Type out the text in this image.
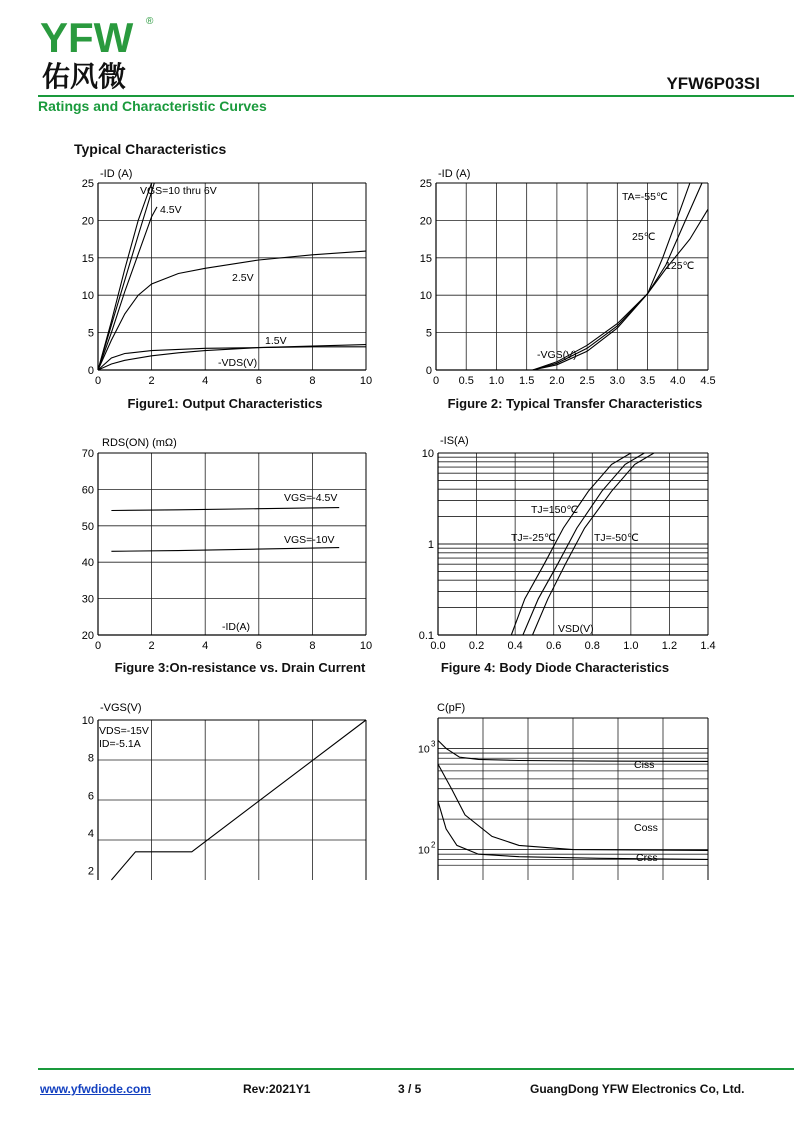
YFW ®
佑风微	YFW6P03SI
Ratings and Characteristic Curves
Typical Characteristics
0	2	4	6	8	10
0
5
10
15
20
25
-ID (A)
VGS=10 thru 6V
4.5V
2.5V
1.5V
-VDS(V)
0 0.5 1.0 1.5 2.0 2.5 3.0 3.5 4.0 4.5
0
5
10
15
20
25
-ID (A)
TA=-55℃
25℃
125℃
-VGS(V)
0	2	4	6	8	10
20
30
40
50
60
70
RDS(ON) (mΩ)
VGS=-4.5V
VGS=-10V
-ID(A)
0.0 0.2 0.4 0.6 0.8 1.0 1.2 1.4
0.1
1
10
-IS(A)
TJ=150℃
TJ=-25℃	TJ=-50℃
VSD(V)
2
4
6
8
10
-VGS(V)
VDS=-15V
ID=-5.1A	10 3
10 2
C(pF)
Ciss
Coss
Crss
Figure1: Output Characteristics	Figure 2: Typical Transfer Characteristics
Figure 3:On-resistance vs. Drain Current	Figure 4: Body Diode Characteristics
www.yfwdiode.com	Rev:2021Y1	3 / 5	GuangDong YFW Electronics Co, Ltd.
